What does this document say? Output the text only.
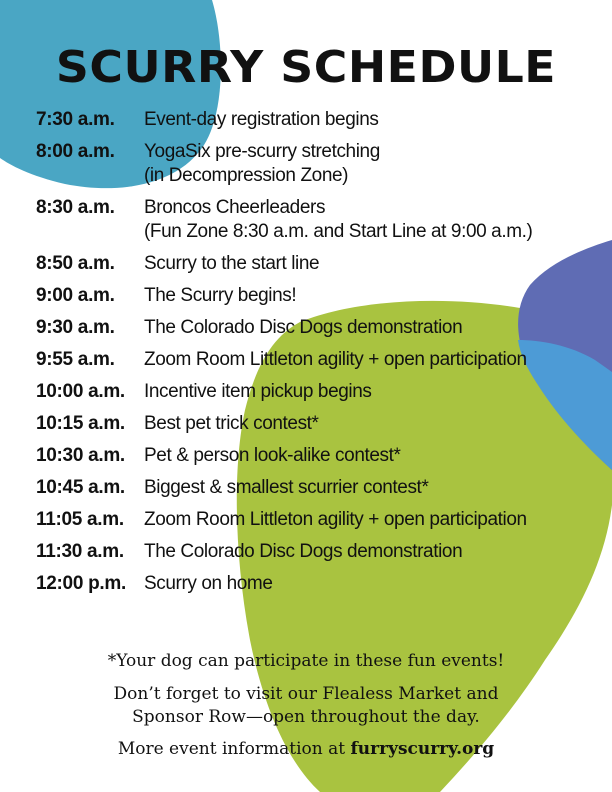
SCURRY SCHEDULE
7:30 a.m.	Event-day registration begins
8:00 a.m.	YogaSix pre-scurry stretching
(in Decompression Zone)
8:30 a.m.	Broncos Cheerleaders
(Fun Zone 8:30 a.m. and Start Line at 9:00 a.m.)
8:50 a.m.	Scurry to the start line
9:00 a.m.	The Scurry begins!
9:30 a.m.	The Colorado Disc Dogs demonstration
9:55 a.m.	Zoom Room Littleton agility + open participation
10:00 a.m.	Incentive item pickup begins
10:15 a.m.	Best pet trick contest*
10:30 a.m.	Pet & person look-alike contest*
10:45 a.m.	Biggest & smallest scurrier contest*
11:05 a.m.	Zoom Room Littleton agility + open participation
11:30 a.m.	The Colorado Disc Dogs demonstration
12:00 p.m. Scurry on home
*Your dog can participate in these fun events!
Don’t forget to visit our Flealess Market and
Sponsor Row—open throughout the day.
More event information at furryscurry.org
